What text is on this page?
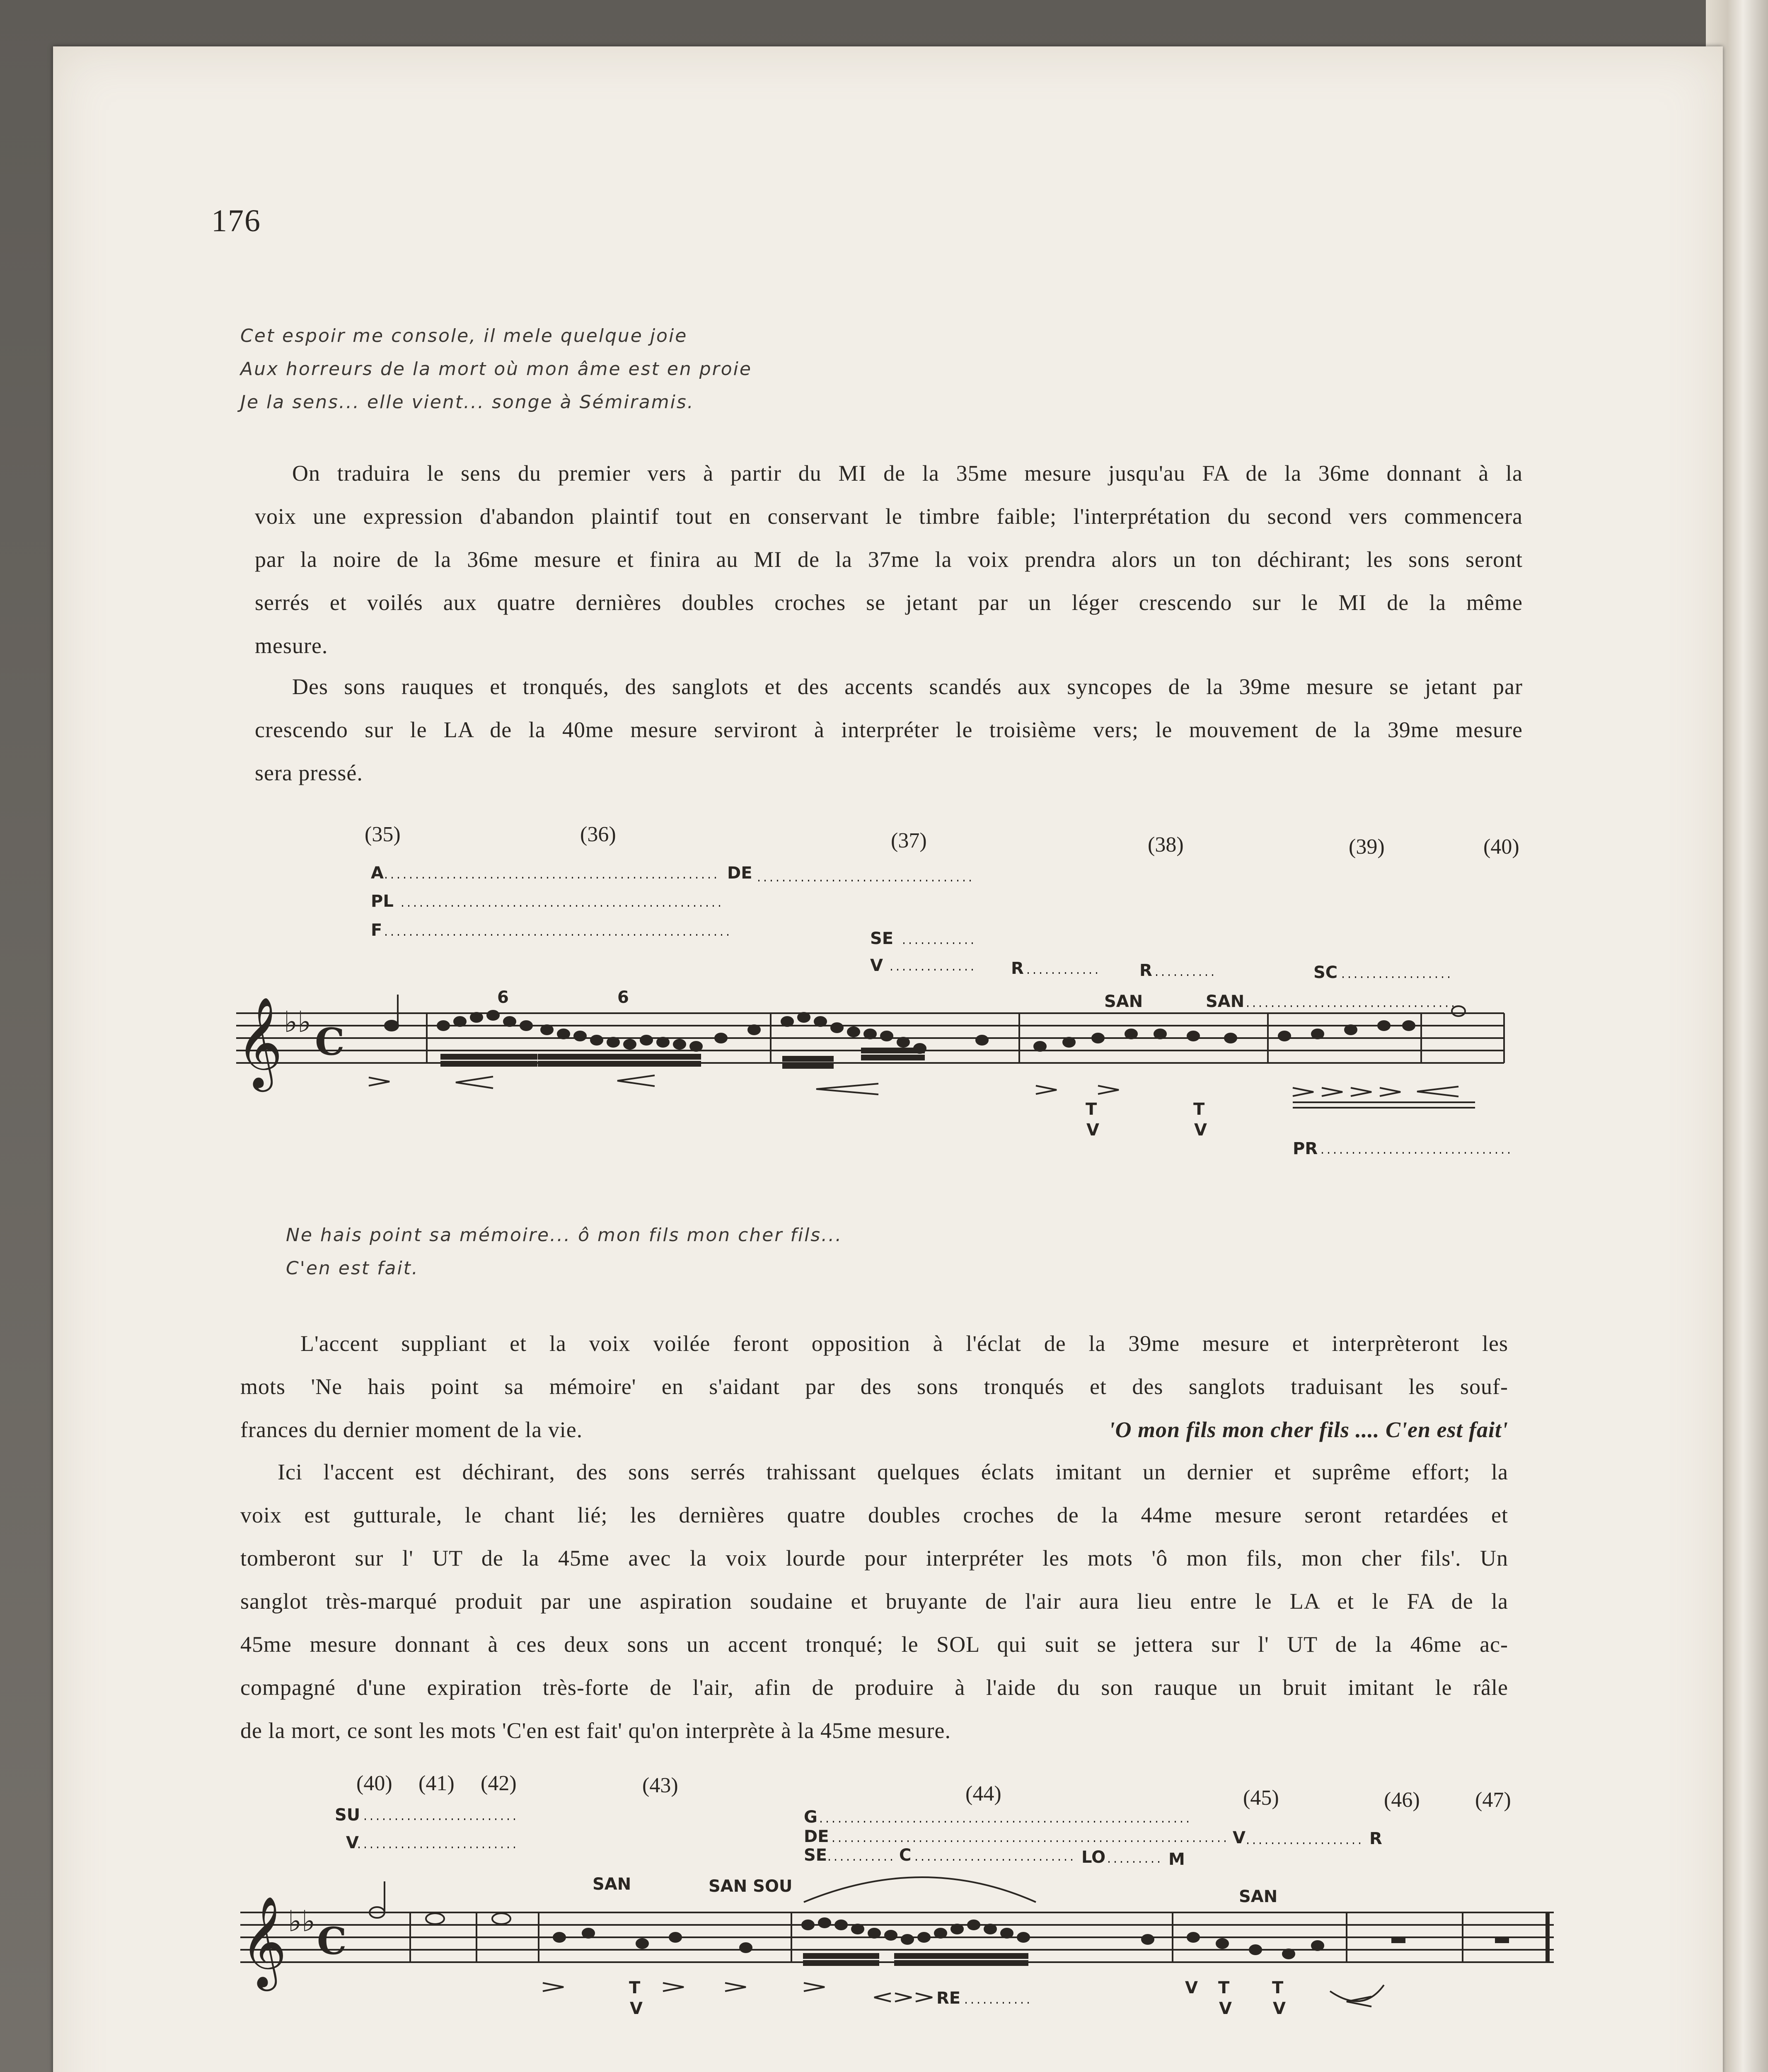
176
Cet espoir me console, il mele quelque joie
Aux horreurs de la mort où mon âme est en proie
Je la sens... elle vient... songe à Sémiramis.
On traduira le sens du premier vers à partir du MI de la 35me mesure jusqu'au FA de la 36me donnant à la
voix une expression d'abandon plaintif tout en conservant le timbre faible; l'interprétation du second vers commencera
par la noire de la 36me mesure et finira au MI de la 37me la voix prendra alors un ton déchirant; les sons seront
serrés et voilés aux quatre dernières doubles croches se jetant par un léger crescendo sur le MI de la même
mesure.
Des sons rauques et tronqués, des sanglots et des accents scandés aux syncopes de la 39me mesure se jetant par
crescendo sur le LA de la 40me mesure serviront à interpréter le troisième vers; le mouvement de la 39me mesure
sera pressé.
(35)	(36)	(37)	(38)	(39)	(40)
A	DE
PL
F	SE
V	R	R	SC
SAN	SAN
6	6
𝄞 ♭♭ C
T
V
T
V
PR
Ne hais point sa mémoire... ô mon fils mon cher fils...
C'en est fait.
L'accent suppliant et la voix voilée feront opposition à l'éclat de la 39me mesure et interprèteront les
mots 'Ne hais point sa mémoire' en s'aidant par des sons tronqués et des sanglots traduisant les souf-
frances du dernier moment de la vie.	'O mon fils mon cher fils .... C'en est fait'
Ici l'accent est déchirant, des sons serrés trahissant quelques éclats imitant un dernier et suprême effort; la
voix est gutturale, le chant lié; les dernières quatre doubles croches de la 44me mesure seront retardées et
tomberont sur l' UT de la 45me avec la voix lourde pour interpréter les mots 'ô mon fils, mon cher fils'. Un
sanglot très-marqué produit par une aspiration soudaine et bruyante de l'air aura lieu entre le LA et le FA de la
45me mesure donnant à ces deux sons un accent tronqué; le SOL qui suit se jettera sur l' UT de la 46me ac-
compagné d'une expiration très-forte de l'air, afin de produire à l'aide du son rauque un bruit imitant le râle
de la mort, ce sont les mots 'C'en est fait' qu'on interprète à la 45me mesure.
(40) (41) (42)	(43)	(44)	(45)	(46)	(47)
SU
V
G
DE	V	R
SE	C	LO	M
SAN	SAN SOU
SAN
𝄞 ♭♭ C
T
V
RE
V T
V
T
V
